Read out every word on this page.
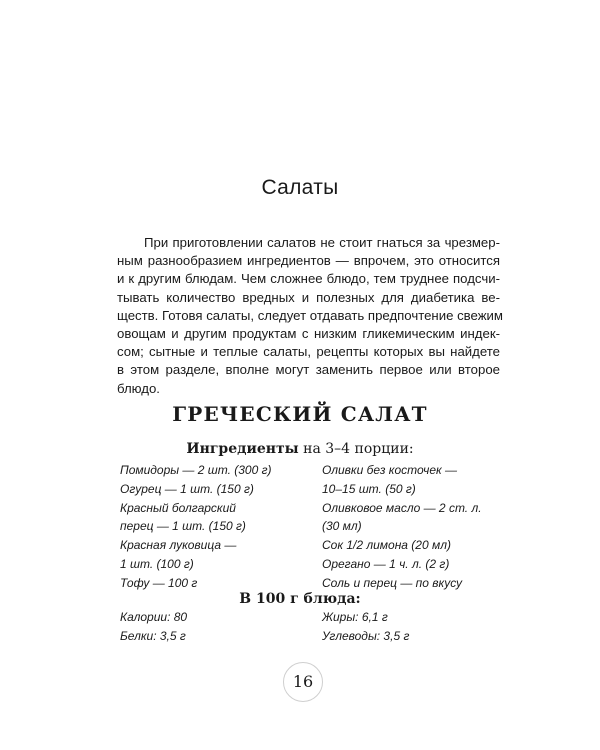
Салаты
При приготовлении салатов не стоит гнаться за чрезмер-
ным разнообразием ингредиентов — впрочем, это относится
и к другим блюдам. Чем сложнее блюдо, тем труднее подсчи-
тывать количество вредных и полезных для диабетика ве-
ществ. Готовя салаты, следует отдавать предпочтение свежим
овощам и другим продуктам с низким гликемическим индек-
сом; сытные и теплые салаты, рецепты которых вы найдете
в этом разделе, вполне могут заменить первое или второе
блюдо.
ГРЕЧЕСКИЙ САЛАТ
Ингредиенты на 3–4 порции:
Помидоры — 2 шт. (300 г)
Огурец — 1 шт. (150 г)
Красный болгарский
перец — 1 шт. (150 г)
Красная луковица —
1 шт. (100 г)
Тофу — 100 г
Оливки без косточек —
10–15 шт. (50 г)
Оливковое масло — 2 ст. л.
(30 мл)
Сок 1/2 лимона (20 мл)
Орегано — 1 ч. л. (2 г)
Соль и перец — по вкусу
В 100 г блюда:
Калории: 80
Белки: 3,5 г
Жиры: 6,1 г
Углеводы: 3,5 г
16
